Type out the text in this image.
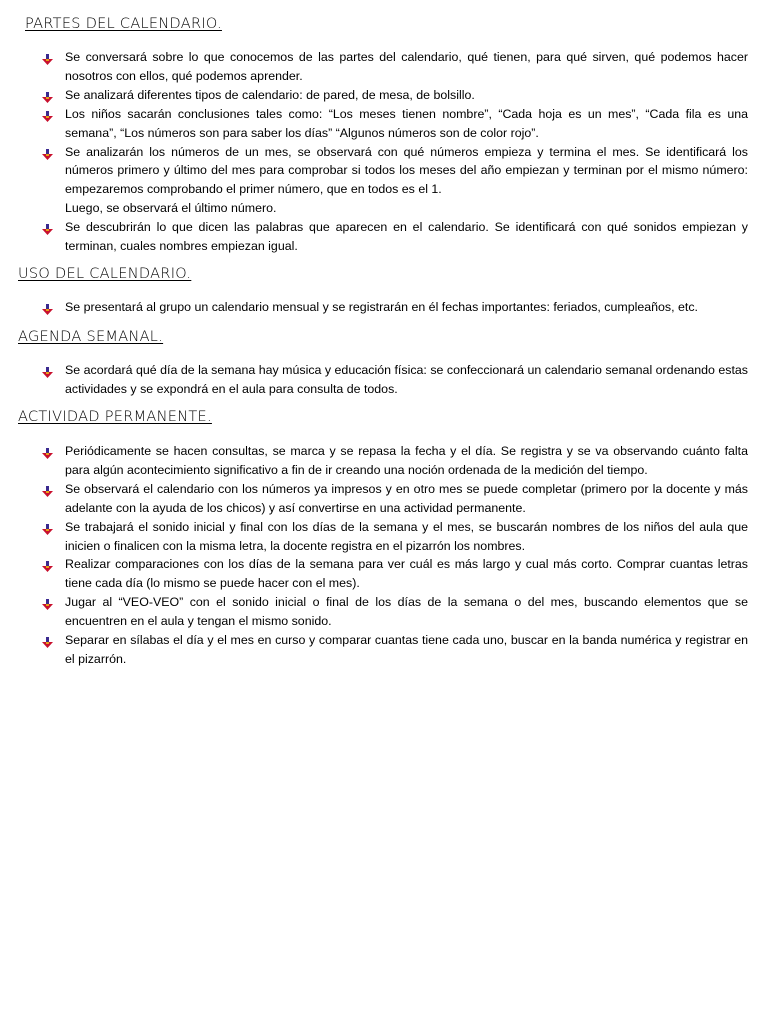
PARTES DEL CALENDARIO.
Se conversará sobre lo que conocemos de las partes del calendario, qué tienen, para qué sirven, qué podemos hacer nosotros con ellos, qué podemos aprender.
Se analizará diferentes tipos de calendario: de pared, de mesa, de bolsillo.
Los niños sacarán conclusiones tales como: “Los meses tienen nombre”, “Cada hoja es un mes”, “Cada fila es una semana”, “Los números son para saber los días” “Algunos números son de color rojo”.
Se analizarán los números de un mes, se observará con qué números empieza y termina el mes. Se identificará los números primero y último del mes para comprobar si todos los meses del año empiezan y terminan por el mismo número: empezaremos comprobando el primer número, que en todos es el 1.
Luego, se observará el último número.
Se descubrirán lo que dicen las palabras que aparecen en el calendario. Se identificará con qué sonidos empiezan y terminan, cuales nombres empiezan igual.
USO DEL CALENDARIO.
Se presentará al grupo un calendario mensual y se registrarán en él fechas importantes: feriados, cumpleaños, etc.
AGENDA SEMANAL.
Se acordará qué día de la semana hay música y educación física: se confeccionará un calendario semanal ordenando estas actividades y se expondrá en el aula para consulta de todos.
ACTIVIDAD PERMANENTE.
Periódicamente se hacen consultas, se marca y se repasa la fecha y el día. Se registra y se va observando cuánto falta para algún acontecimiento significativo a fin de ir creando una noción ordenada de la medición del tiempo.
Se observará el calendario con los números ya impresos y en otro mes se puede completar (primero por la docente y más adelante con la ayuda de los chicos) y así convertirse en una actividad permanente.
Se trabajará el sonido inicial y final con los días de la semana y el mes, se buscarán nombres de los niños del aula que inicien o finalicen con la misma letra, la docente registra en el pizarrón los nombres.
Realizar comparaciones con los días de la semana para ver cuál es más largo y cual más corto. Comprar cuantas letras tiene cada día (lo mismo se puede hacer con el mes).
Jugar al “VEO-VEO” con el sonido inicial o final de los días de la semana o del mes, buscando elementos que se encuentren en el aula y tengan el mismo sonido.
Separar en sílabas el día y el mes en curso y comparar cuantas tiene cada uno, buscar en la banda numérica y registrar en el pizarrón.
